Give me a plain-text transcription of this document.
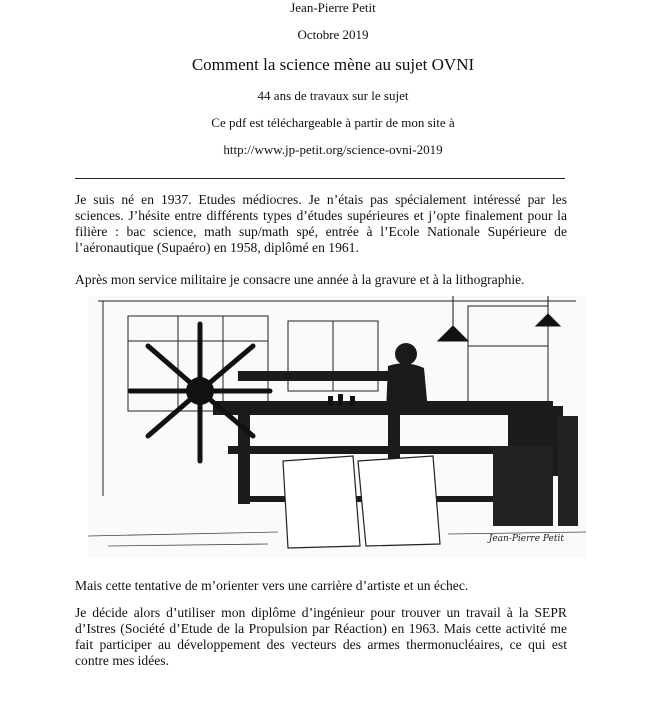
Jean-Pierre Petit
Octobre 2019
Comment la science mène au sujet OVNI
44 ans de travaux sur le sujet
Ce pdf est téléchargeable à partir de mon site à
http://www.jp-petit.org/science-ovni-2019

Je suis né en 1937. Etudes médiocres. Je n’étais pas spécialement intéressé par les sciences. J’hésite entre différents types d’études supérieures et j’opte finalement pour la filière : bac science, math sup/math spé, entrée à l’Ecole Nationale Supérieure de l’aéronautique (Supaéro) en 1958, diplômé en 1961.

Après mon service militaire je consacre une année à la gravure et à la lithographie.

Jean-Pierre Petit

Mais cette tentative de m’orienter vers une carrière d’artiste et un échec.

Je décide alors d’utiliser mon diplôme d’ingénieur pour trouver un travail à la SEPR d’Istres (Société d’Etude de la Propulsion par Réaction) en 1963. Mais cette activité me fait participer au développement des vecteurs des armes thermonucléaires, ce qui est contre mes idées.
